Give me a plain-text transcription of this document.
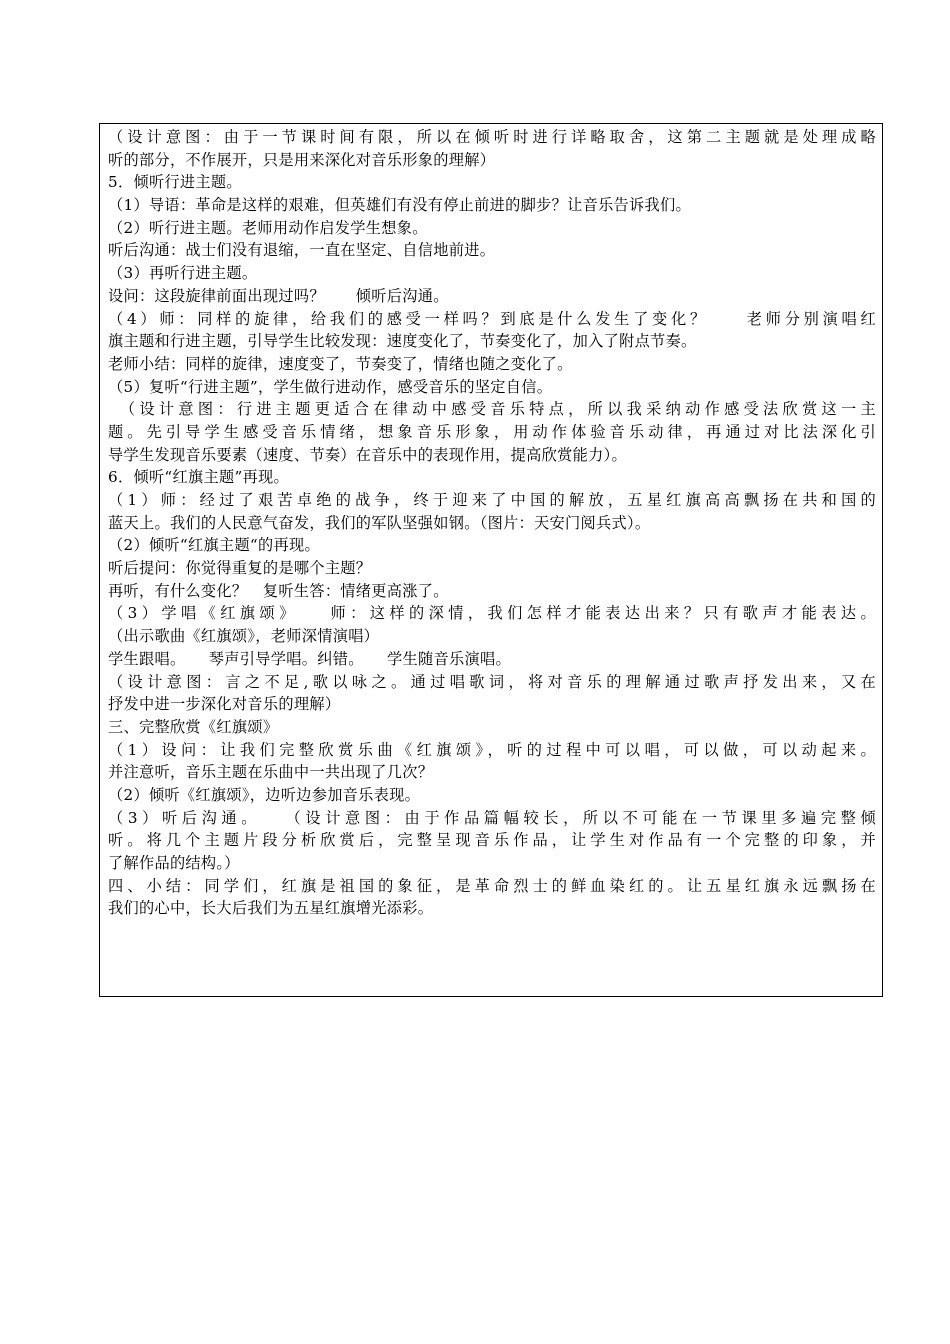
（设计意图：由于一节课时间有限，所以在倾听时进行详略取舍，这第二主题就是处理成略
听的部分，不作展开，只是用来深化对音乐形象的理解）
5．倾听行进主题。
（1）导语：革命是这样的艰难，但英雄们有没有停止前进的脚步？让音乐告诉我们。
（2）听行进主题。老师用动作启发学生想象。
听后沟通：战士们没有退缩，一直在坚定、自信地前进。
（3）再听行进主题。
设问：这段旋律前面出现过吗？　　倾听后沟通。
（4）师：同样的旋律，给我们的感受一样吗？到底是什么发生了变化？　　老师分别演唱红
旗主题和行进主题，引导学生比较发现：速度变化了，节奏变化了，加入了附点节奏。
老师小结：同样的旋律，速度变了，节奏变了，情绪也随之变化了。
（5）复听“行进主题”，学生做行进动作，感受音乐的坚定自信。
　（设计意图：行进主题更适合在律动中感受音乐特点，所以我采纳动作感受法欣赏这一主
题。先引导学生感受音乐情绪，想象音乐形象，用动作体验音乐动律，再通过对比法深化引
导学生发现音乐要素（速度、节奏）在音乐中的表现作用，提高欣赏能力）。
6．倾听“红旗主题”再现。
（1）师：经过了艰苦卓绝的战争，终于迎来了中国的解放，五星红旗高高飘扬在共和国的
蓝天上。我们的人民意气奋发，我们的军队坚强如钢。（图片：天安门阅兵式）。
（2）倾听“红旗主题“的再现。
听后提问：你觉得重复的是哪个主题？
再听，有什么变化？　复听生答：情绪更高涨了。
（3）学唱《红旗颂》　　师：这样的深情，我们怎样才能表达出来？只有歌声才能表达。
（出示歌曲《红旗颂》，老师深情演唱）
学生跟唱。　　琴声引导学唱。纠错。　　学生随音乐演唱。
（设计意图：言之不足,歌以咏之。通过唱歌词，将对音乐的理解通过歌声抒发出来，又在
抒发中进一步深化对音乐的理解）
三、完整欣赏《红旗颂》
（1）设问：让我们完整欣赏乐曲《红旗颂》，听的过程中可以唱，可以做，可以动起来。
并注意听，音乐主题在乐曲中一共出现了几次？
（2）倾听《红旗颂》，边听边参加音乐表现。
（3）听后沟通。　　（设计意图：由于作品篇幅较长，所以不可能在一节课里多遍完整倾
听。将几个主题片段分析欣赏后，完整呈现音乐作品，让学生对作品有一个完整的印象，并
了解作品的结构。）
四、小结：同学们，红旗是祖国的象征，是革命烈士的鲜血染红的。让五星红旗永远飘扬在
我们的心中，长大后我们为五星红旗增光添彩。
